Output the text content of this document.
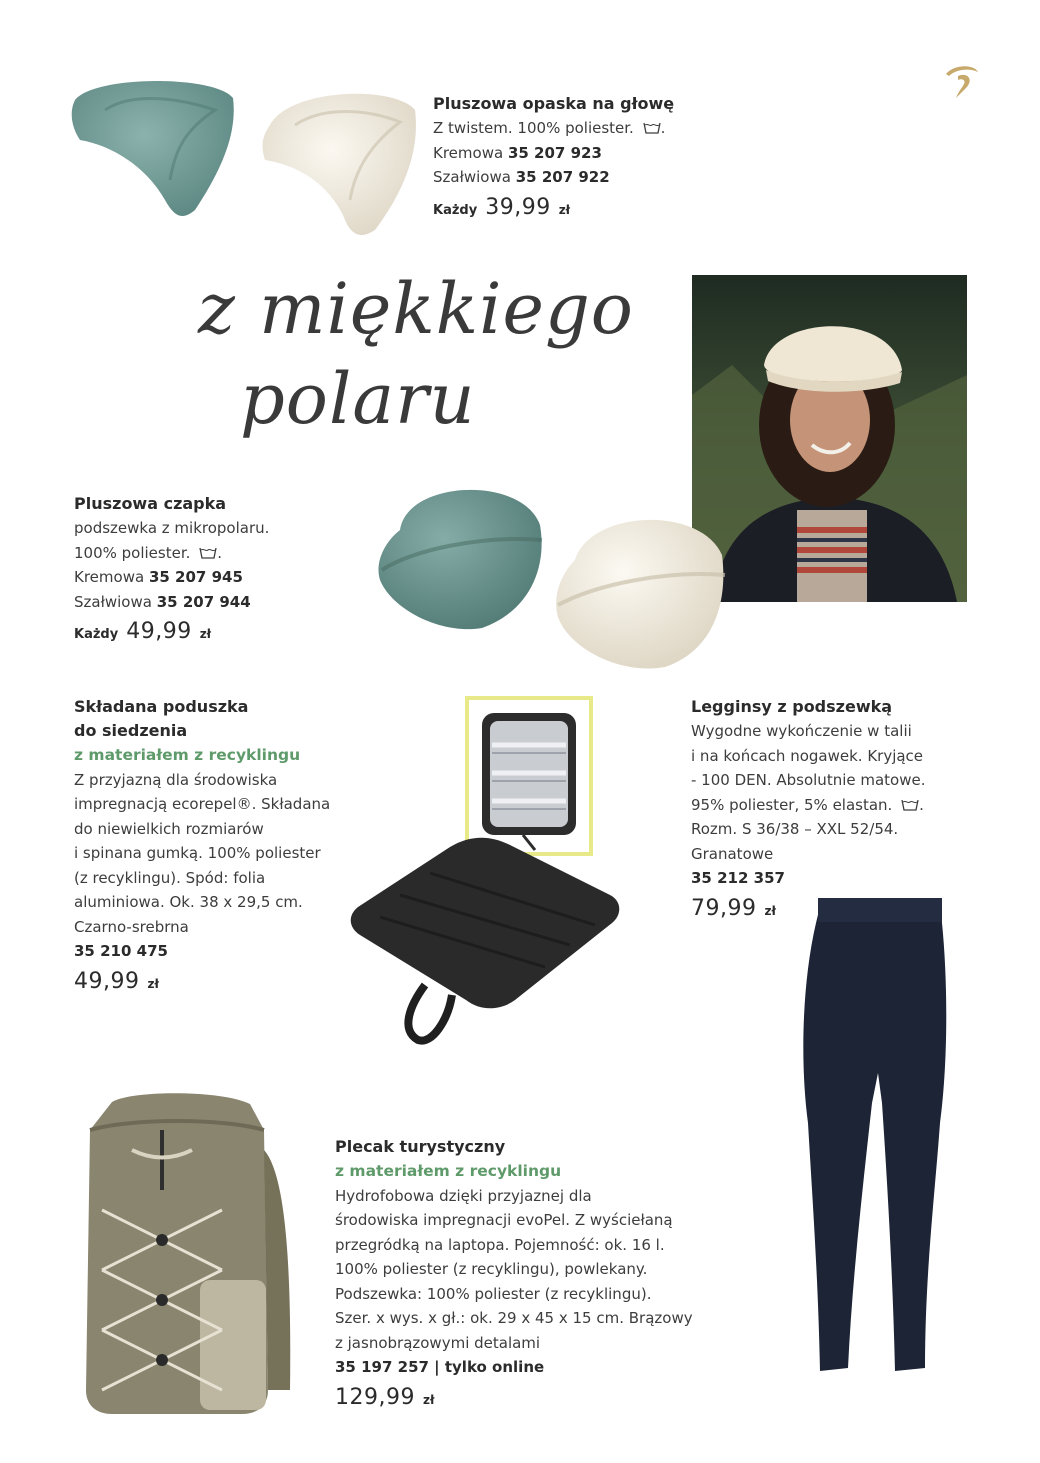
Pluszowa opaska na głowę
Z twistem. 100% poliester. .
Kremowa 35 207 923
Szałwiowa 35 207 922
Każdy 39,99 zł
z miękkiego
polaru
Pluszowa czapka
podszewka z mikropolaru.
100% poliester. .
Kremowa 35 207 945
Szałwiowa 35 207 944
Każdy 49,99 zł
Składana poduszka
do siedzenia
z materiałem z recyklingu
Z przyjazną dla środowiska
impregnacją ecorepel®. Składana
do niewielkich rozmiarów
i spinana gumką. 100% poliester
(z recyklingu). Spód: folia
aluminiowa. Ok. 38 x 29,5 cm.
Czarno-srebrna
35 210 475
49,99 zł
Legginsy z podszewką
Wygodne wykończenie w talii
i na końcach nogawek. Kryjące
- 100 DEN. Absolutnie matowe.
95% poliester, 5% elastan. .
Rozm. S 36/38 – XXL 52/54.
Granatowe
35 212 357
79,99 zł
Plecak turystyczny
z materiałem z recyklingu
Hydrofobowa dzięki przyjaznej dla
środowiska impregnacji evoPel. Z wyściełaną
przegródką na laptopa. Pojemność: ok. 16 l.
100% poliester (z recyklingu), powlekany.
Podszewka: 100% poliester (z recyklingu).
Szer. x wys. x gł.: ok. 29 x 45 x 15 cm. Brązowy
z jasnobrązowymi detalami
35 197 257 | tylko online
129,99 zł
